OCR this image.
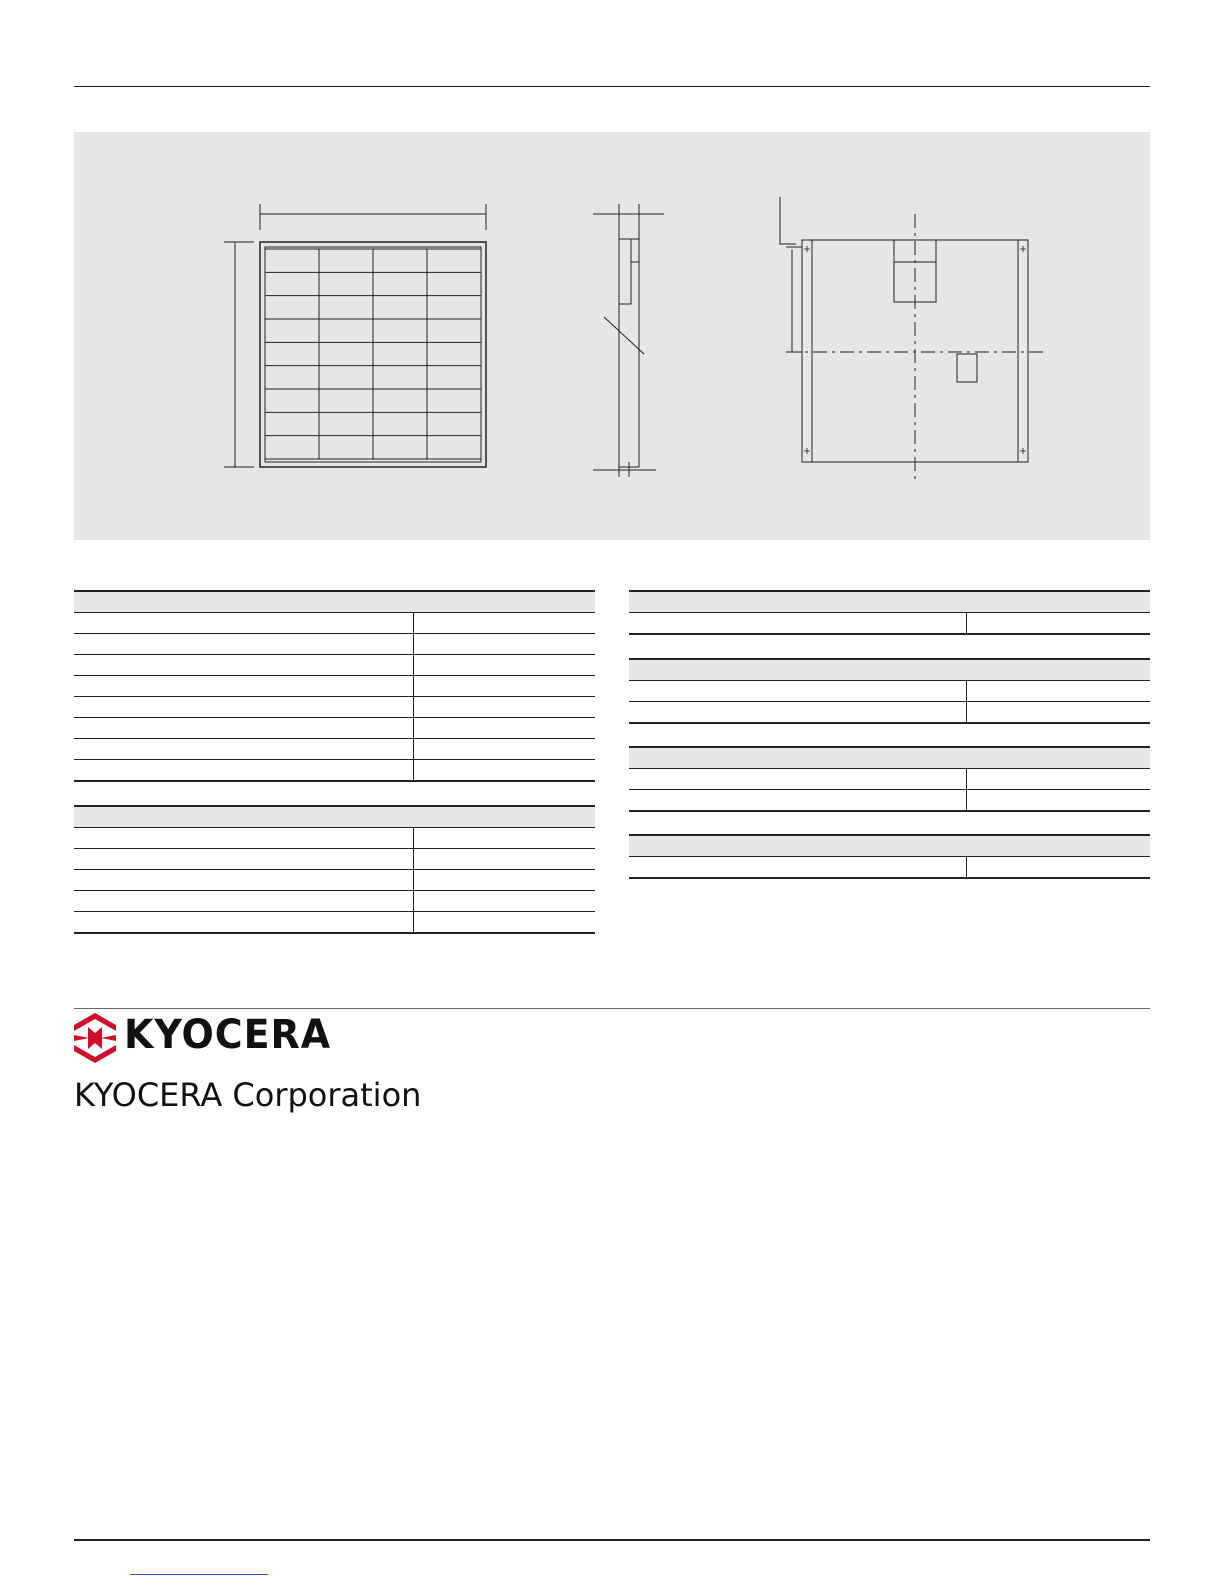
KYOCERA
KYOCERA Corporation
